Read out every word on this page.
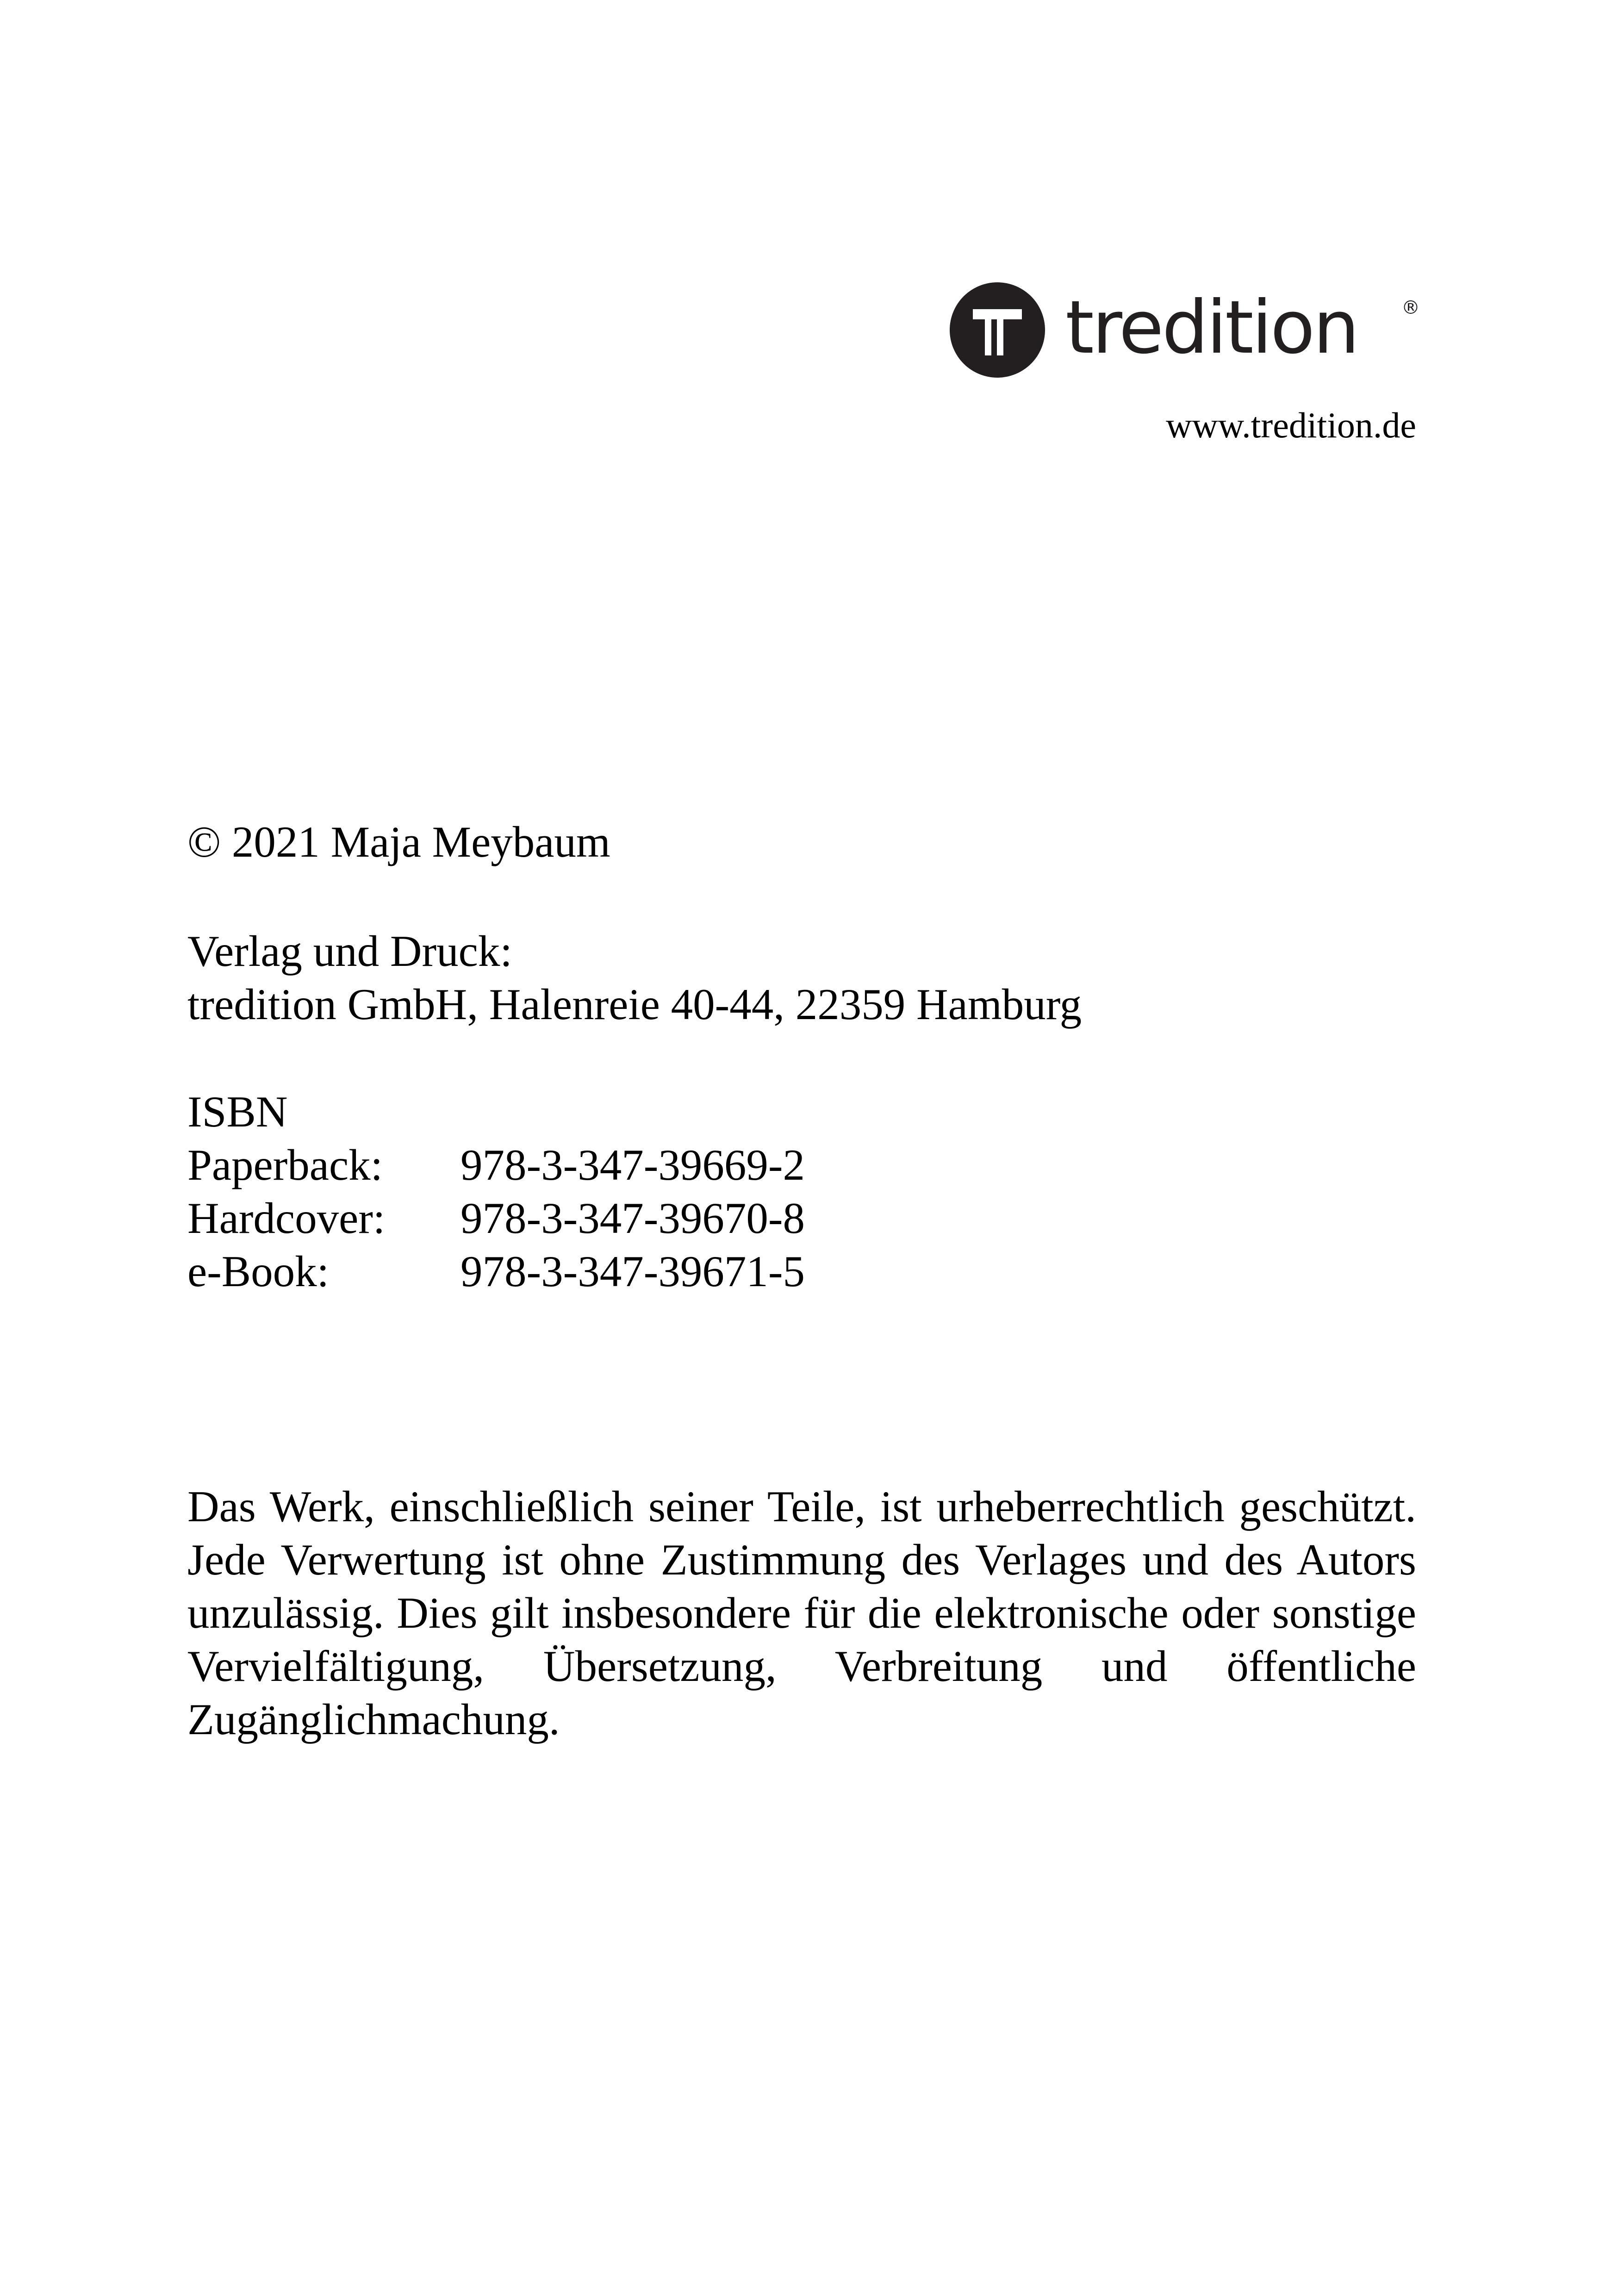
tredition ®
www.tredition.de
© 2021 Maja Meybaum
Verlag und Druck:
tredition GmbH, Halenreie 40-44, 22359 Hamburg
ISBN
Paperback:	978-3-347-39669-2
Hardcover:	978-3-347-39670-8
e-Book:	978-3-347-39671-5
Das Werk, einschließlich seiner Teile, ist urheberrechtlich geschützt. Jede Verwertung ist ohne Zustimmung des Verlages und des Autors unzulässig. Dies gilt insbesondere für die elektronische oder sonstige Vervielfältigung, Übersetzung, Verbreitung und öffentliche Zugänglichmachung.
